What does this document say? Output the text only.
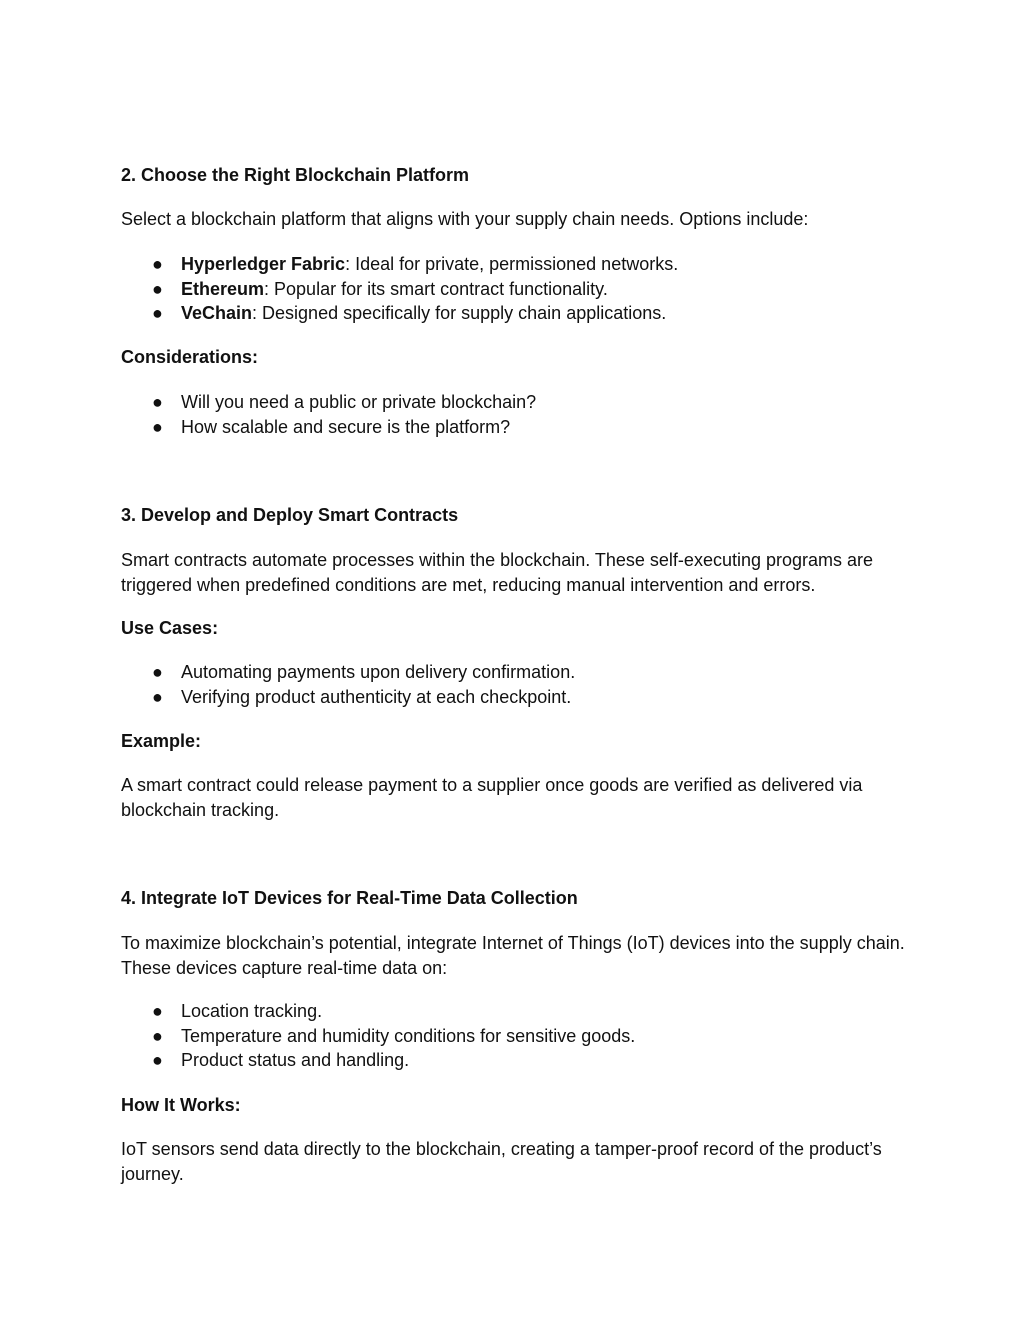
2. Choose the Right Blockchain Platform

Select a blockchain platform that aligns with your supply chain needs. Options include:

● Hyperledger Fabric: Ideal for private, permissioned networks.
● Ethereum: Popular for its smart contract functionality.
● VeChain: Designed specifically for supply chain applications.

Considerations:

● Will you need a public or private blockchain?
● How scalable and secure is the platform?

3. Develop and Deploy Smart Contracts

Smart contracts automate processes within the blockchain. These self-executing programs are triggered when predefined conditions are met, reducing manual intervention and errors.

Use Cases:

● Automating payments upon delivery confirmation.
● Verifying product authenticity at each checkpoint.

Example:

A smart contract could release payment to a supplier once goods are verified as delivered via blockchain tracking.

4. Integrate IoT Devices for Real-Time Data Collection

To maximize blockchain’s potential, integrate Internet of Things (IoT) devices into the supply chain. These devices capture real-time data on:

● Location tracking.
● Temperature and humidity conditions for sensitive goods.
● Product status and handling.

How It Works:

IoT sensors send data directly to the blockchain, creating a tamper-proof record of the product’s journey.
